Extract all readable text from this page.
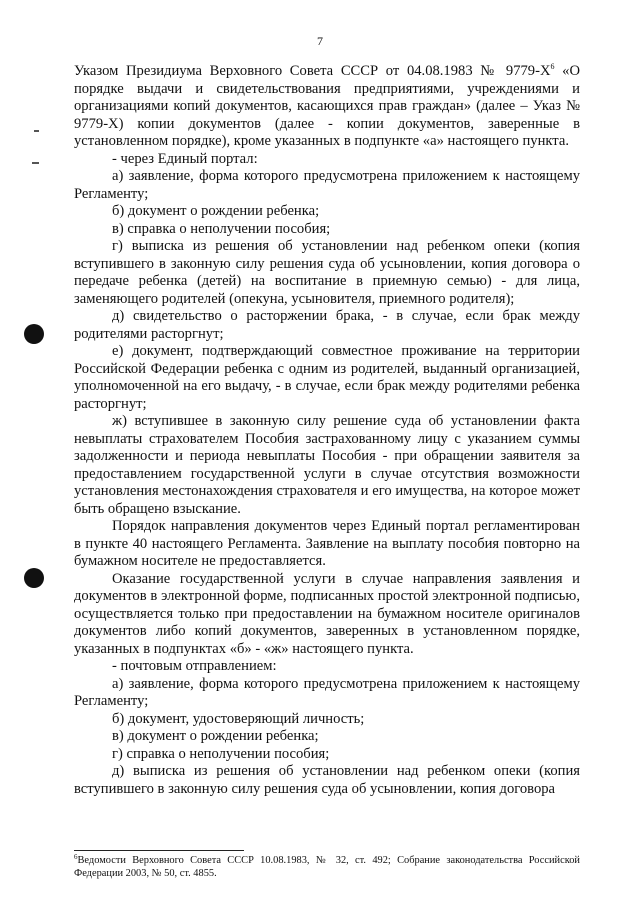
7

Указом Президиума Верховного Совета СССР от 04.08.1983 № $9779-Х^6$ «О порядке выдачи и свидетельствования предприятиями, учреждениями и организациями копий документов, касающихся прав граждан» (далее – Указ № 9779-Х) копии документов (далее - копии документов, заверенные в установленном порядке), кроме указанных в подпункте «а» настоящего пункта.

- через Единый портал:

а) заявление, форма которого предусмотрена приложением к настоящему Регламенту;

б) документ о рождении ребенка;

в) справка о неполучении пособия;

г) выписка из решения об установлении над ребенком опеки (копия вступившего в законную силу решения суда об усыновлении, копия договора о передаче ребенка (детей) на воспитание в приемную семью) - для лица, заменяющего родителей (опекуна, усыновителя, приемного родителя);

д) свидетельство о расторжении брака, - в случае, если брак между родителями расторгнут;

е) документ, подтверждающий совместное проживание на территории Российской Федерации ребенка с одним из родителей, выданный организацией, уполномоченной на его выдачу, - в случае, если брак между родителями ребенка расторгнут;

ж) вступившее в законную силу решение суда об установлении факта невыплаты страхователем Пособия застрахованному лицу с указанием суммы задолженности и периода невыплаты Пособия - при обращении заявителя за предоставлением государственной услуги в случае отсутствия возможности установления местонахождения страхователя и его имущества, на которое может быть обращено взыскание.

Порядок направления документов через Единый портал регламентирован в пункте 40 настоящего Регламента. Заявление на выплату пособия повторно на бумажном носителе не предоставляется.

Оказание государственной услуги в случае направления заявления и документов в электронной форме, подписанных простой электронной подписью, осуществляется только при предоставлении на бумажном носителе оригиналов документов либо копий документов, заверенных в установленном порядке, указанных в подпунктах «б» - «ж» настоящего пункта.

- почтовым отправлением:

а) заявление, форма которого предусмотрена приложением к настоящему Регламенту;

б) документ, удостоверяющий личность;

в) документ о рождении ребенка;

г) справка о неполучении пособия;

д) выписка из решения об установлении над ребенком опеки (копия вступившего в законную силу решения суда об усыновлении, копия договора

$^6$Ведомости Верховного Совета СССР 10.08.1983, № 32, ст. 492; Собрание законодательства Российской Федерации 2003, № 50, ст. 4855.
